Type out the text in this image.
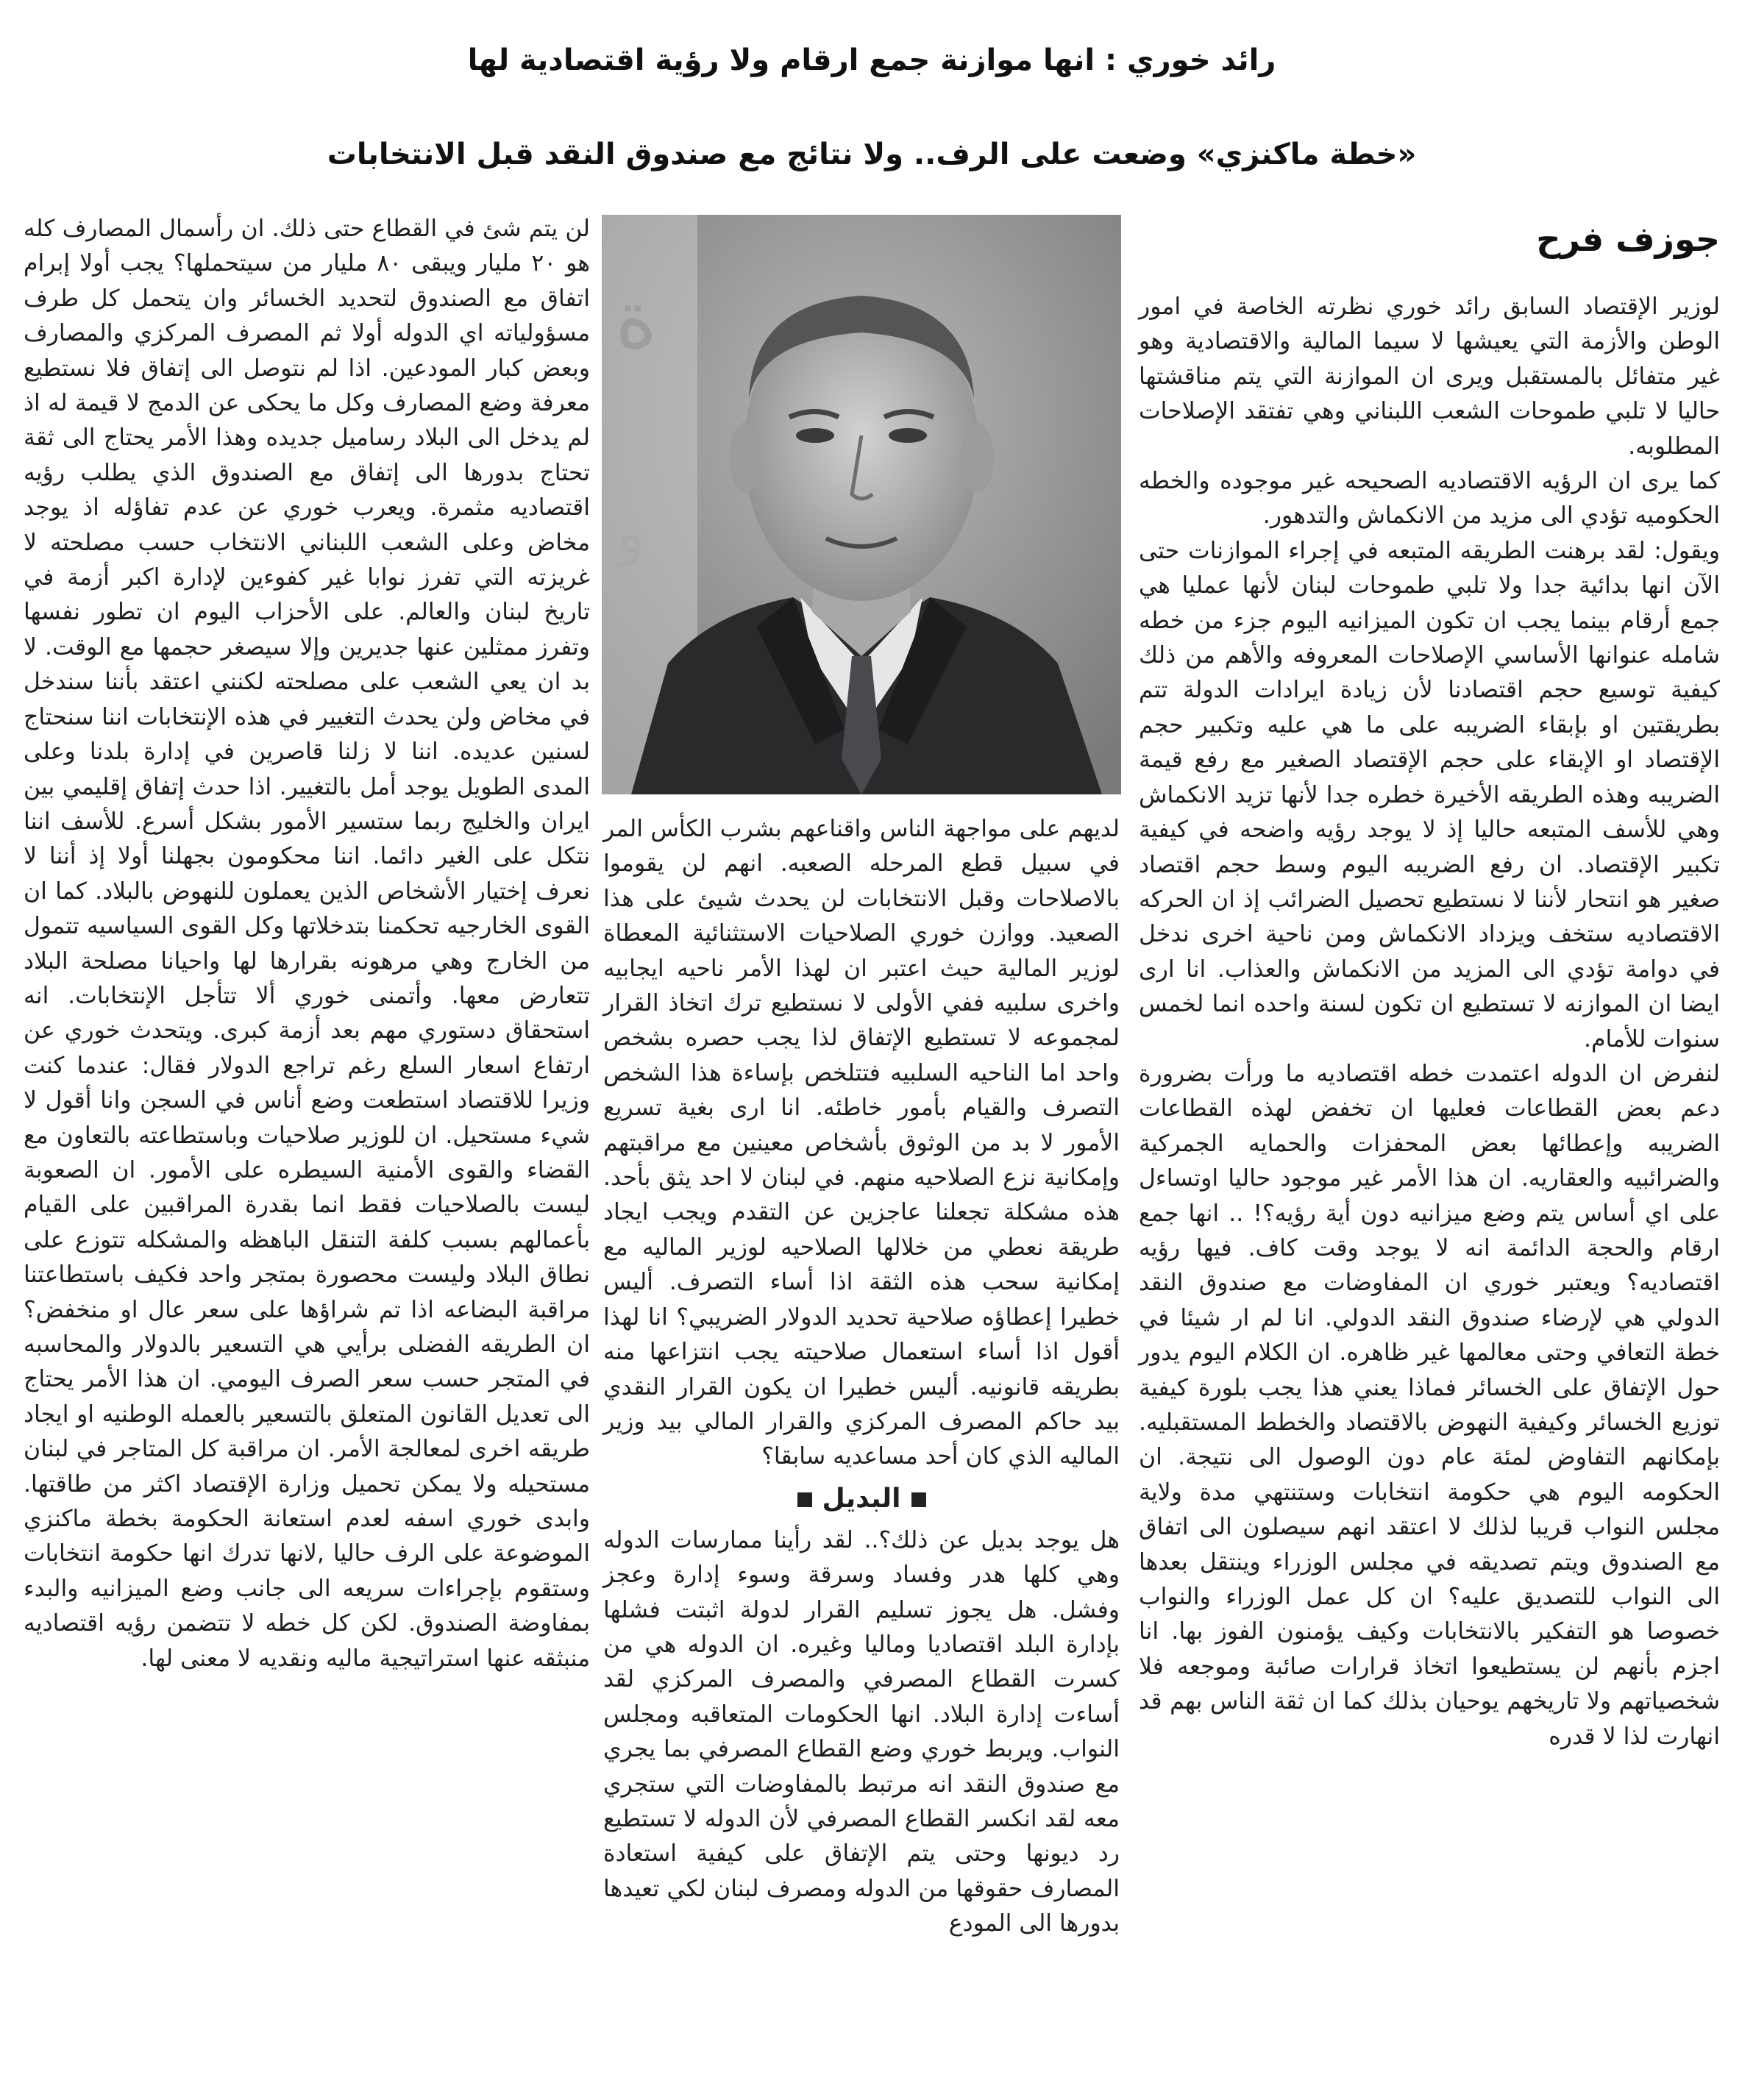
رائد خوري : انها موازنة جمع ارقام ولا رؤية اقتصادية لها
«خطة ماكنزي» وضعت على الرف.. ولا نتائج مع صندوق النقد قبل الانتخابات
جوزف فرح
ة
و

لوزير الإقتصاد السابق رائد خوري نظرته الخاصة في امور الوطن والأزمة التي يعيشها لا سيما المالية والاقتصادية وهو غير متفائل بالمستقبل ويرى ان الموازنة التي يتم مناقشتها حاليا لا تلبي طموحات الشعب اللبناني وهي تفتقد الإصلاحات المطلوبه.

كما يرى ان الرؤيه الاقتصاديه الصحيحه غير موجوده والخطه الحكوميه تؤدي الى مزيد من الانكماش والتدهور.

ويقول: لقد برهنت الطريقه المتبعه في إجراء الموازنات حتى الآن انها بدائية جدا ولا تلبي طموحات لبنان لأنها عمليا هي جمع أرقام بينما يجب ان تكون الميزانيه اليوم جزء من خطه شامله عنوانها الأساسي الإصلاحات المعروفه والأهم من ذلك كيفية توسيع حجم اقتصادنا لأن زيادة ايرادات الدولة تتم بطريقتين او بإبقاء الضريبه على ما هي عليه وتكبير حجم الإقتصاد او الإبقاء على حجم الإقتصاد الصغير مع رفع قيمة الضريبه وهذه الطريقه الأخيرة خطره جدا لأنها تزيد الانكماش وهي للأسف المتبعه حاليا إذ لا يوجد رؤيه واضحه في كيفية تكبير الإقتصاد. ان رفع الضريبه اليوم وسط حجم اقتصاد صغير هو انتحار لأننا لا نستطيع تحصيل الضرائب إذ ان الحركه الاقتصاديه ستخف ويزداد الانكماش ومن ناحية اخرى ندخل في دوامة تؤدي الى المزيد من الانكماش والعذاب. انا ارى ايضا ان الموازنه لا تستطيع ان تكون لسنة واحده انما لخمس سنوات للأمام.

لنفرض ان الدوله اعتمدت خطه اقتصاديه ما ورأت بضرورة دعم بعض القطاعات فعليها ان تخفض لهذه القطاعات الضريبه وإعطائها بعض المحفزات والحمايه الجمركية والضرائبيه والعقاريه. ان هذا الأمر غير موجود حاليا اوتساءل على اي أساس يتم وضع ميزانيه دون أية رؤيه؟! .. انها جمع ارقام والحجة الدائمة انه لا يوجد وقت كاف. فيها رؤيه اقتصاديه؟ ويعتبر خوري ان المفاوضات مع صندوق النقد الدولي هي لإرضاء صندوق النقد الدولي. انا لم ار شيئا في خطة التعافي وحتى معالمها غير ظاهره. ان الكلام اليوم يدور حول الإتفاق على الخسائر فماذا يعني هذا يجب بلورة كيفية توزيع الخسائر وكيفية النهوض بالاقتصاد والخطط المستقبليه. بإمكانهم التفاوض لمئة عام دون الوصول الى نتيجة. ان الحكومه اليوم هي حكومة انتخابات وستنتهي مدة ولاية مجلس النواب قريبا لذلك لا اعتقد انهم سيصلون الى اتفاق مع الصندوق ويتم تصديقه في مجلس الوزراء وينتقل بعدها الى النواب للتصديق عليه؟ ان كل عمل الوزراء والنواب خصوصا هو التفكير بالانتخابات وكيف يؤمنون الفوز بها. انا اجزم بأنهم لن يستطيعوا اتخاذ قرارات صائبة وموجعه فلا شخصياتهم ولا تاريخهم يوحيان بذلك كما ان ثقة الناس بهم قد انهارت لذا لا قدره

لديهم على مواجهة الناس واقناعهم بشرب الكأس المر في سبيل قطع المرحله الصعبه. انهم لن يقوموا بالاصلاحات وقبل الانتخابات لن يحدث شيئ على هذا الصعيد. ووازن خوري الصلاحيات الاستثنائية المعطاة لوزير المالية حيث اعتبر ان لهذا الأمر ناحيه ايجابيه واخرى سلبيه ففي الأولى لا نستطيع ترك اتخاذ القرار لمجموعه لا تستطيع الإتفاق لذا يجب حصره بشخص واحد اما الناحيه السلبيه فتتلخص بإساءة هذا الشخص التصرف والقيام بأمور خاطئه. انا ارى بغية تسريع الأمور لا بد من الوثوق بأشخاص معينين مع مراقبتهم وإمكانية نزع الصلاحيه منهم. في لبنان لا احد يثق بأحد. هذه مشكلة تجعلنا عاجزين عن التقدم ويجب ايجاد طريقة نعطي من خلالها الصلاحيه لوزير الماليه مع إمكانية سحب هذه الثقة اذا أساء التصرف. أليس خطيرا إعطاؤه صلاحية تحديد الدولار الضريبي؟ انا لهذا أقول اذا أساء استعمال صلاحيته يجب انتزاعها منه بطريقه قانونيه. أليس خطيرا ان يكون القرار النقدي بيد حاكم المصرف المركزي والقرار المالي بيد وزير الماليه الذي كان أحد مساعديه سابقا؟

البديل

هل يوجد بديل عن ذلك؟.. لقد رأينا ممارسات الدوله وهي كلها هدر وفساد وسرقة وسوء إدارة وعجز وفشل. هل يجوز تسليم القرار لدولة اثبتت فشلها بإدارة البلد اقتصاديا وماليا وغيره. ان الدوله هي من كسرت القطاع المصرفي والمصرف المركزي لقد أساءت إدارة البلاد. انها الحكومات المتعاقبه ومجلس النواب. ويربط خوري وضع القطاع المصرفي بما يجري مع صندوق النقد انه مرتبط بالمفاوضات التي ستجري معه لقد انكسر القطاع المصرفي لأن الدوله لا تستطيع رد ديونها وحتى يتم الإتفاق على كيفية استعادة المصارف حقوقها من الدوله ومصرف لبنان لكي تعيدها بدورها الى المودع

لن يتم شئ في القطاع حتى ذلك. ان رأسمال المصارف كله هو ٢٠ مليار ويبقى ٨٠ مليار من سيتحملها؟ يجب أولا إبرام اتفاق مع الصندوق لتحديد الخسائر وان يتحمل كل طرف مسؤولياته اي الدوله أولا ثم المصرف المركزي والمصارف وبعض كبار المودعين. اذا لم نتوصل الى إتفاق فلا نستطيع معرفة وضع المصارف وكل ما يحكى عن الدمج لا قيمة له اذ لم يدخل الى البلاد رساميل جديده وهذا الأمر يحتاج الى ثقة تحتاج بدورها الى إتفاق مع الصندوق الذي يطلب رؤيه اقتصاديه مثمرة. ويعرب خوري عن عدم تفاؤله اذ يوجد مخاض وعلى الشعب اللبناني الانتخاب حسب مصلحته لا غريزته التي تفرز نوابا غير كفوءين لإدارة اكبر أزمة في تاريخ لبنان والعالم. على الأحزاب اليوم ان تطور نفسها وتفرز ممثلين عنها جديرين وإلا سيصغر حجمها مع الوقت. لا بد ان يعي الشعب على مصلحته لكنني اعتقد بأننا سندخل في مخاض ولن يحدث التغيير في هذه الإنتخابات اننا سنحتاج لسنين عديده. اننا لا زلنا قاصرين في إدارة بلدنا وعلى المدى الطويل يوجد أمل بالتغيير. اذا حدث إتفاق إقليمي بين ايران والخليج ربما ستسير الأمور بشكل أسرع. للأسف اننا نتكل على الغير دائما. اننا محكومون بجهلنا أولا إذ أننا لا نعرف إختيار الأشخاص الذين يعملون للنهوض بالبلاد. كما ان القوى الخارجيه تحكمنا بتدخلاتها وكل القوى السياسيه تتمول من الخارج وهي مرهونه بقرارها لها واحيانا مصلحة البلاد تتعارض معها. وأتمنى خوري ألا تتأجل الإنتخابات. انه استحقاق دستوري مهم بعد أزمة كبرى. ويتحدث خوري عن ارتفاع اسعار السلع رغم تراجع الدولار فقال: عندما كنت وزيرا للاقتصاد استطعت وضع أناس في السجن وانا أقول لا شيء مستحيل. ان للوزير صلاحيات وباستطاعته بالتعاون مع القضاء والقوى الأمنية السيطره على الأمور. ان الصعوبة ليست بالصلاحيات فقط انما بقدرة المراقبين على القيام بأعمالهم بسبب كلفة التنقل الباهظه والمشكله تتوزع على نطاق البلاد وليست محصورة بمتجر واحد فكيف باستطاعتنا مراقبة البضاعه اذا تم شراؤها على سعر عال او منخفض؟ ان الطريقه الفضلى برأيي هي التسعير بالدولار والمحاسبه في المتجر حسب سعر الصرف اليومي. ان هذا الأمر يحتاج الى تعديل القانون المتعلق بالتسعير بالعمله الوطنيه او ايجاد طريقه اخرى لمعالجة الأمر. ان مراقبة كل المتاجر في لبنان مستحيله ولا يمكن تحميل وزارة الإقتصاد اكثر من طاقتها. وابدى خوري اسفه لعدم استعانة الحكومة بخطة ماكنزي الموضوعة على الرف حاليا ,لانها تدرك انها حكومة انتخابات وستقوم بإجراءات سريعه الى جانب وضع الميزانيه والبدء بمفاوضة الصندوق. لكن كل خطه لا تتضمن رؤيه اقتصاديه منبثقه عنها استراتيجية ماليه ونقديه لا معنى لها.
